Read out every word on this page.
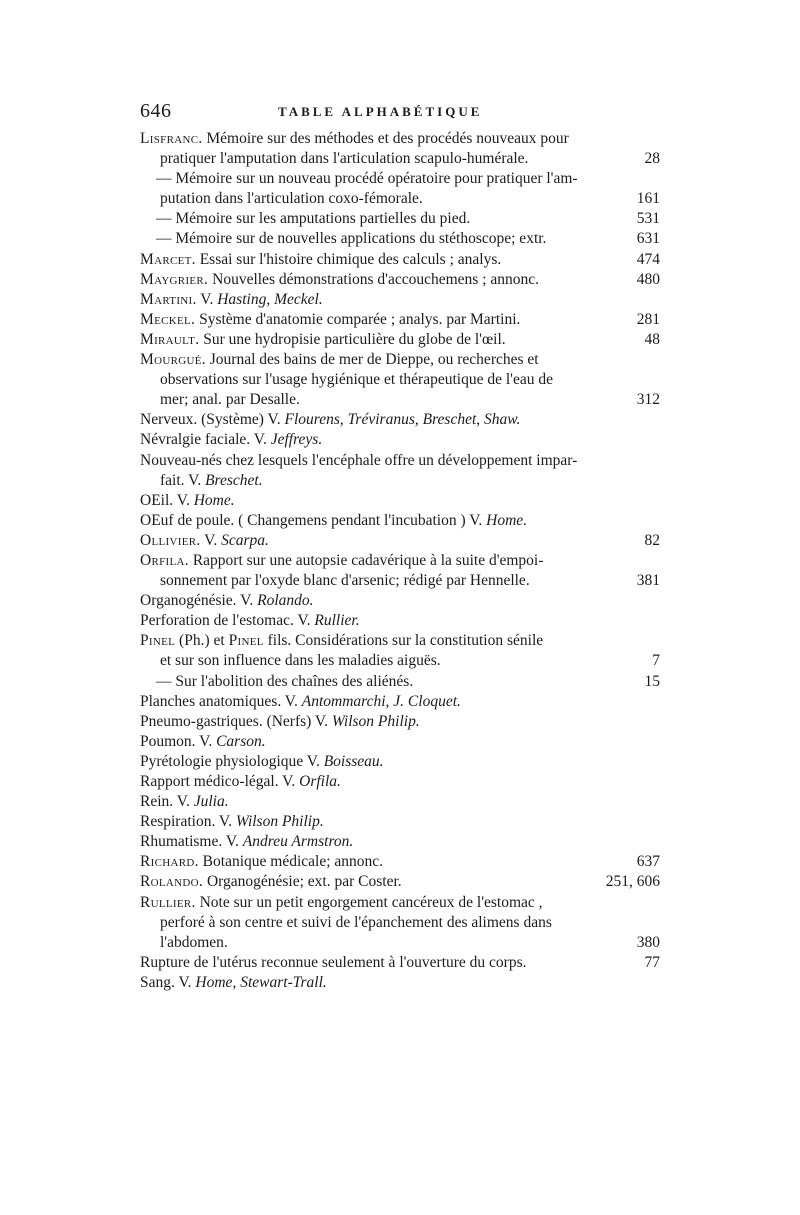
646	TABLE ALPHABÉTIQUE
Lisfranc. Mémoire sur des méthodes et des procédés nouveaux pour
pratiquer l'amputation dans l'articulation scapulo-humérale.	28
— Mémoire sur un nouveau procédé opératoire pour pratiquer l'am-
putation dans l'articulation coxo-fémorale.	161
— Mémoire sur les amputations partielles du pied.	531
— Mémoire sur de nouvelles applications du stéthoscope; extr.	631
Marcet. Essai sur l'histoire chimique des calculs ; analys.	474
Maygrier. Nouvelles démonstrations d'accouchemens ; annonc.	480
Martini. V. Hasting, Meckel.
Meckel. Système d'anatomie comparée ; analys. par Martini.	281
Mirault. Sur une hydropisie particulière du globe de l'œil.	48
Mourgué. Journal des bains de mer de Dieppe, ou recherches et
observations sur l'usage hygiénique et thérapeutique de l'eau de
mer; anal. par Desalle.	312
Nerveux. (Système) V. Flourens, Tréviranus, Breschet, Shaw.
Névralgie faciale. V. Jeffreys.
Nouveau-nés chez lesquels l'encéphale offre un développement impar-
fait. V. Breschet.
OEil. V. Home.
OEuf de poule. ( Changemens pendant l'incubation ) V. Home.
Ollivier. V. Scarpa.	82
Orfila. Rapport sur une autopsie cadavérique à la suite d'empoi-
sonnement par l'oxyde blanc d'arsenic; rédigé par Hennelle.	381
Organogénésie. V. Rolando.
Perforation de l'estomac. V. Rullier.
Pinel (Ph.) et Pinel fils. Considérations sur la constitution sénile
et sur son influence dans les maladies aiguës.	7
— Sur l'abolition des chaînes des aliénés.	15
Planches anatomiques. V. Antommarchi, J. Cloquet.
Pneumo-gastriques. (Nerfs) V. Wilson Philip.
Poumon. V. Carson.
Pyrétologie physiologique V. Boisseau.
Rapport médico-légal. V. Orfila.
Rein. V. Julia.
Respiration. V. Wilson Philip.
Rhumatisme. V. Andreu Armstron.
Richard. Botanique médicale; annonc.	637
Rolando. Organogénésie; ext. par Coster.	251, 606
Rullier. Note sur un petit engorgement cancéreux de l'estomac ,
perforé à son centre et suivi de l'épanchement des alimens dans
l'abdomen.	380
Rupture de l'utérus reconnue seulement à l'ouverture du corps.	77
Sang. V. Home, Stewart-Trall.
